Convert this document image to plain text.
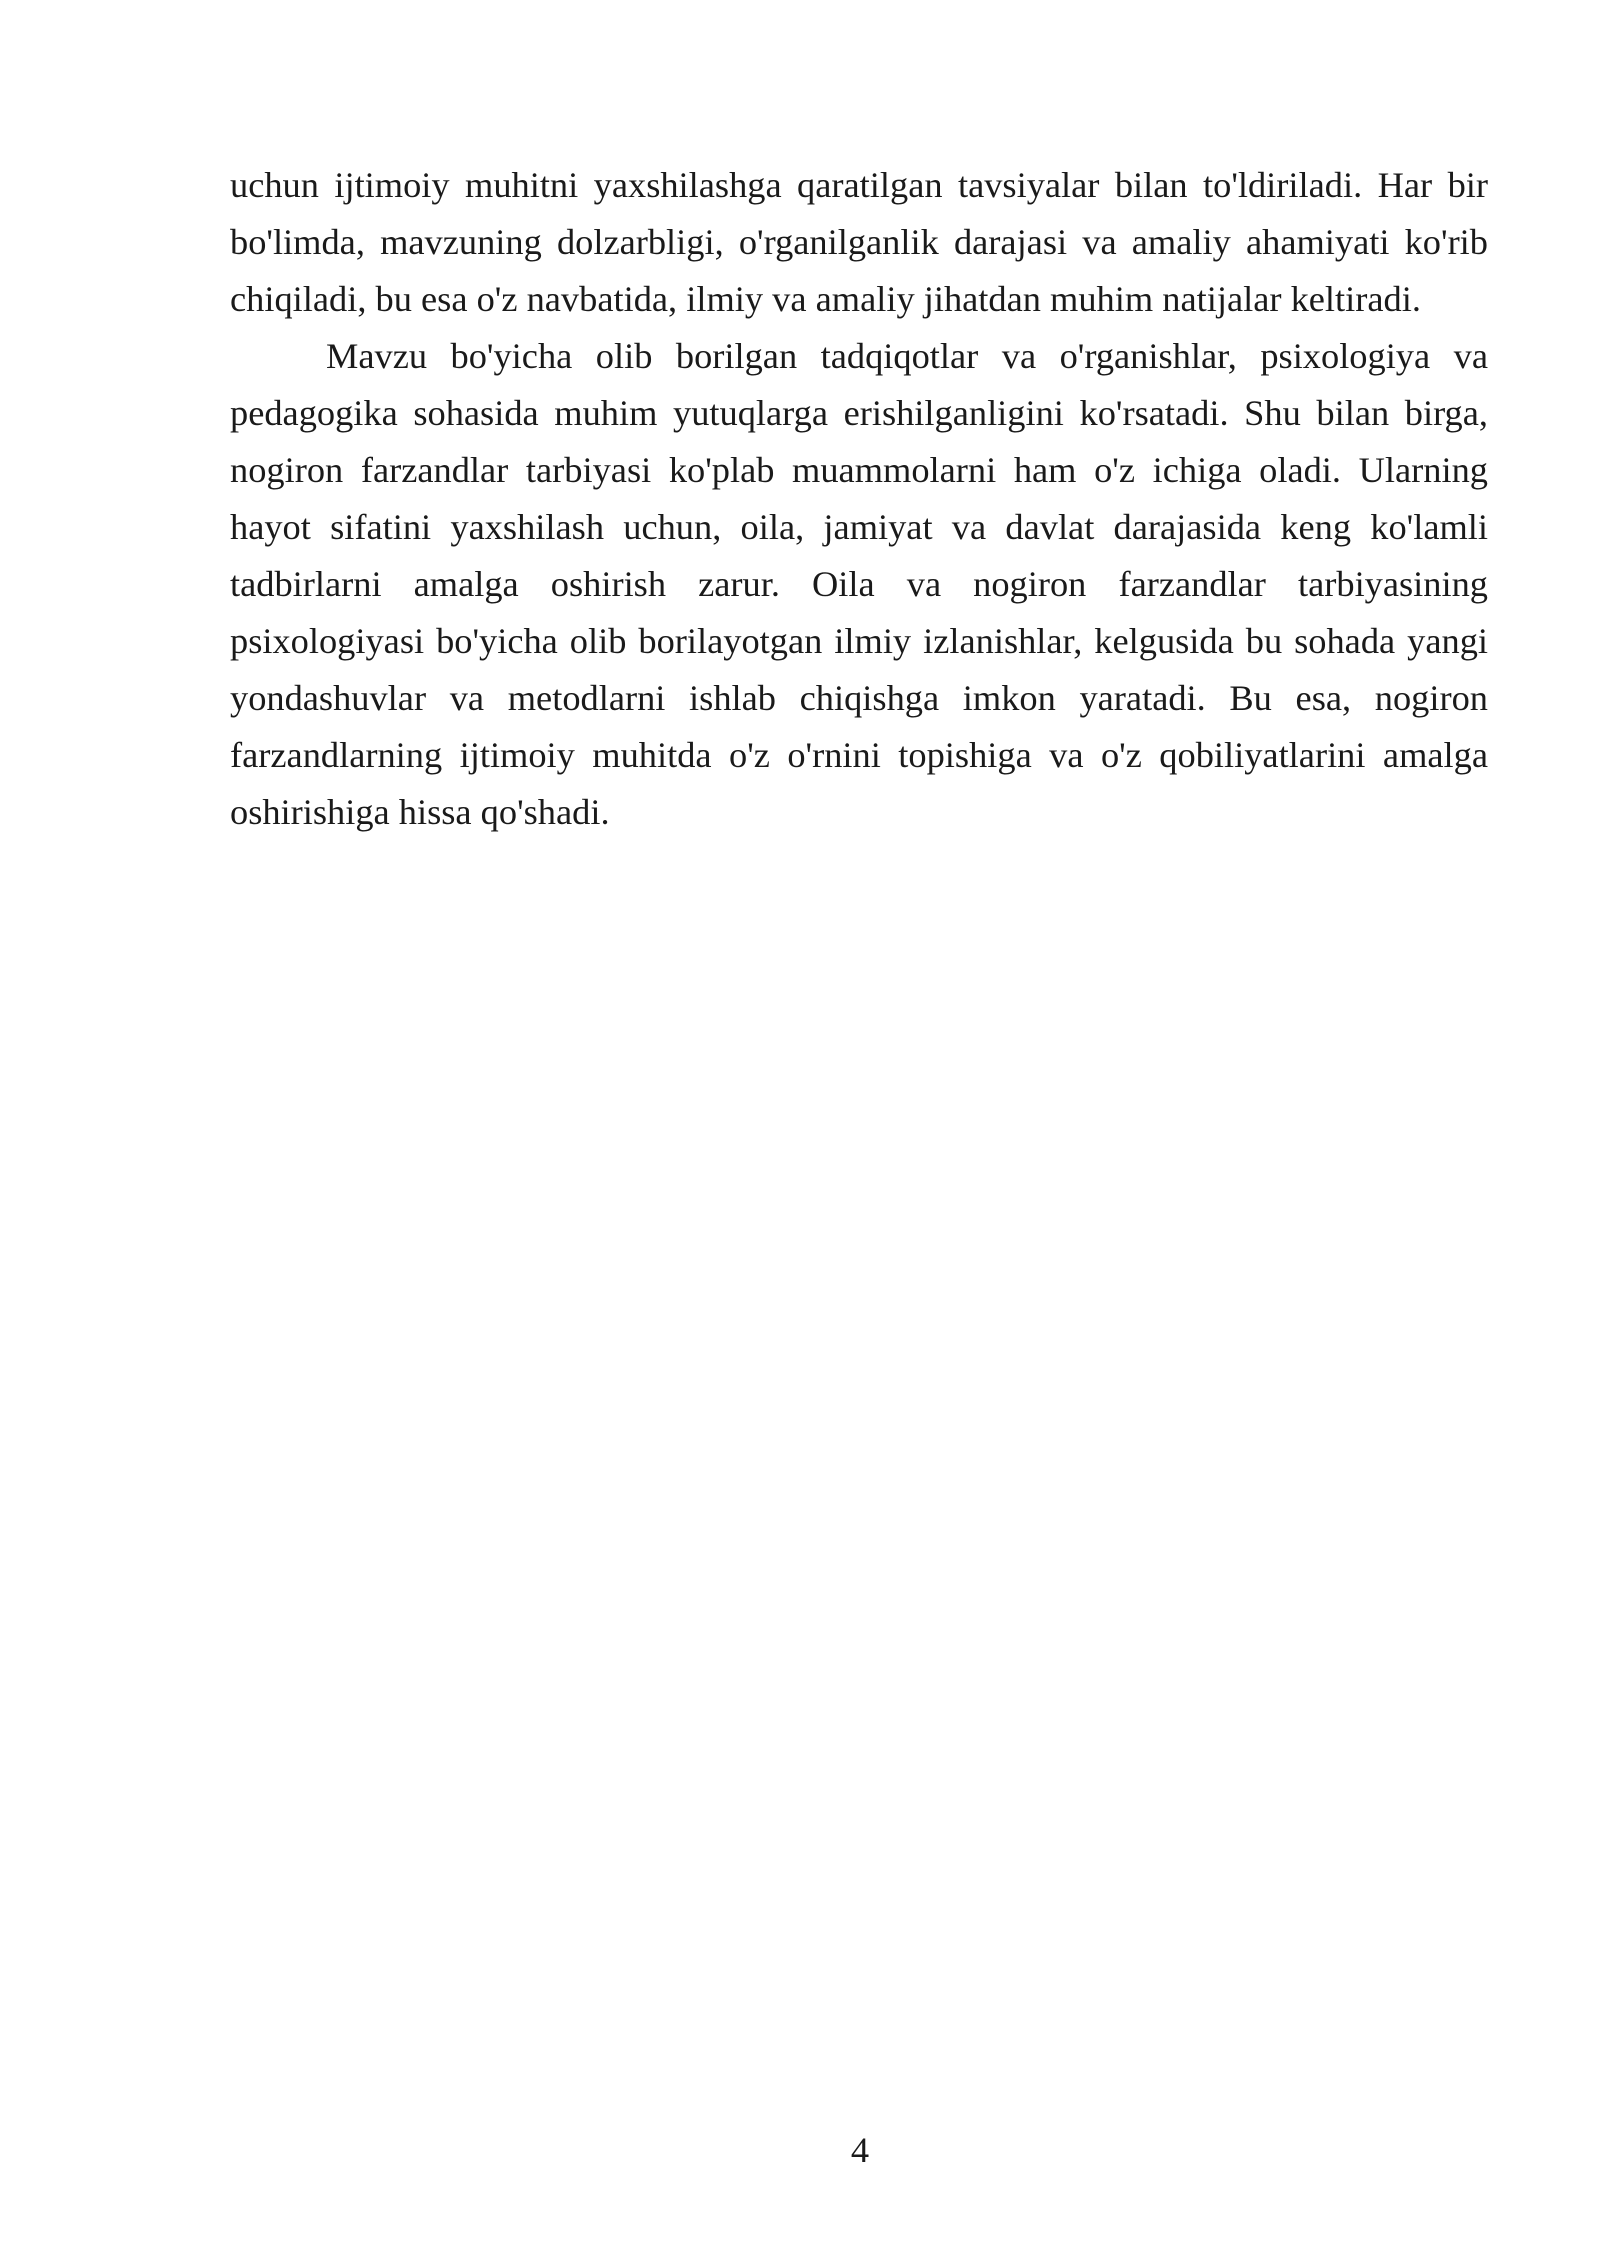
uchun ijtimoiy muhitni yaxshilashga qaratilgan tavsiyalar bilan to'ldiriladi. Har bir bo'limda, mavzuning dolzarbligi, o'rganilganlik darajasi va amaliy ahamiyati ko'rib chiqiladi, bu esa o'z navbatida, ilmiy va amaliy jihatdan muhim natijalar keltiradi.

Mavzu bo'yicha olib borilgan tadqiqotlar va o'rganishlar, psixologiya va pedagogika sohasida muhim yutuqlarga erishilganligini ko'rsatadi. Shu bilan birga, nogiron farzandlar tarbiyasi ko'plab muammolarni ham o'z ichiga oladi. Ularning hayot sifatini yaxshilash uchun, oila, jamiyat va davlat darajasida keng ko'lamli tadbirlarni amalga oshirish zarur. Oila va nogiron farzandlar tarbiyasining psixologiyasi bo'yicha olib borilayotgan ilmiy izlanishlar, kelgusida bu sohada yangi yondashuvlar va metodlarni ishlab chiqishga imkon yaratadi. Bu esa, nogiron farzandlarning ijtimoiy muhitda o'z o'rnini topishiga va o'z qobiliyatlarini amalga oshirishiga hissa qo'shadi.

4
